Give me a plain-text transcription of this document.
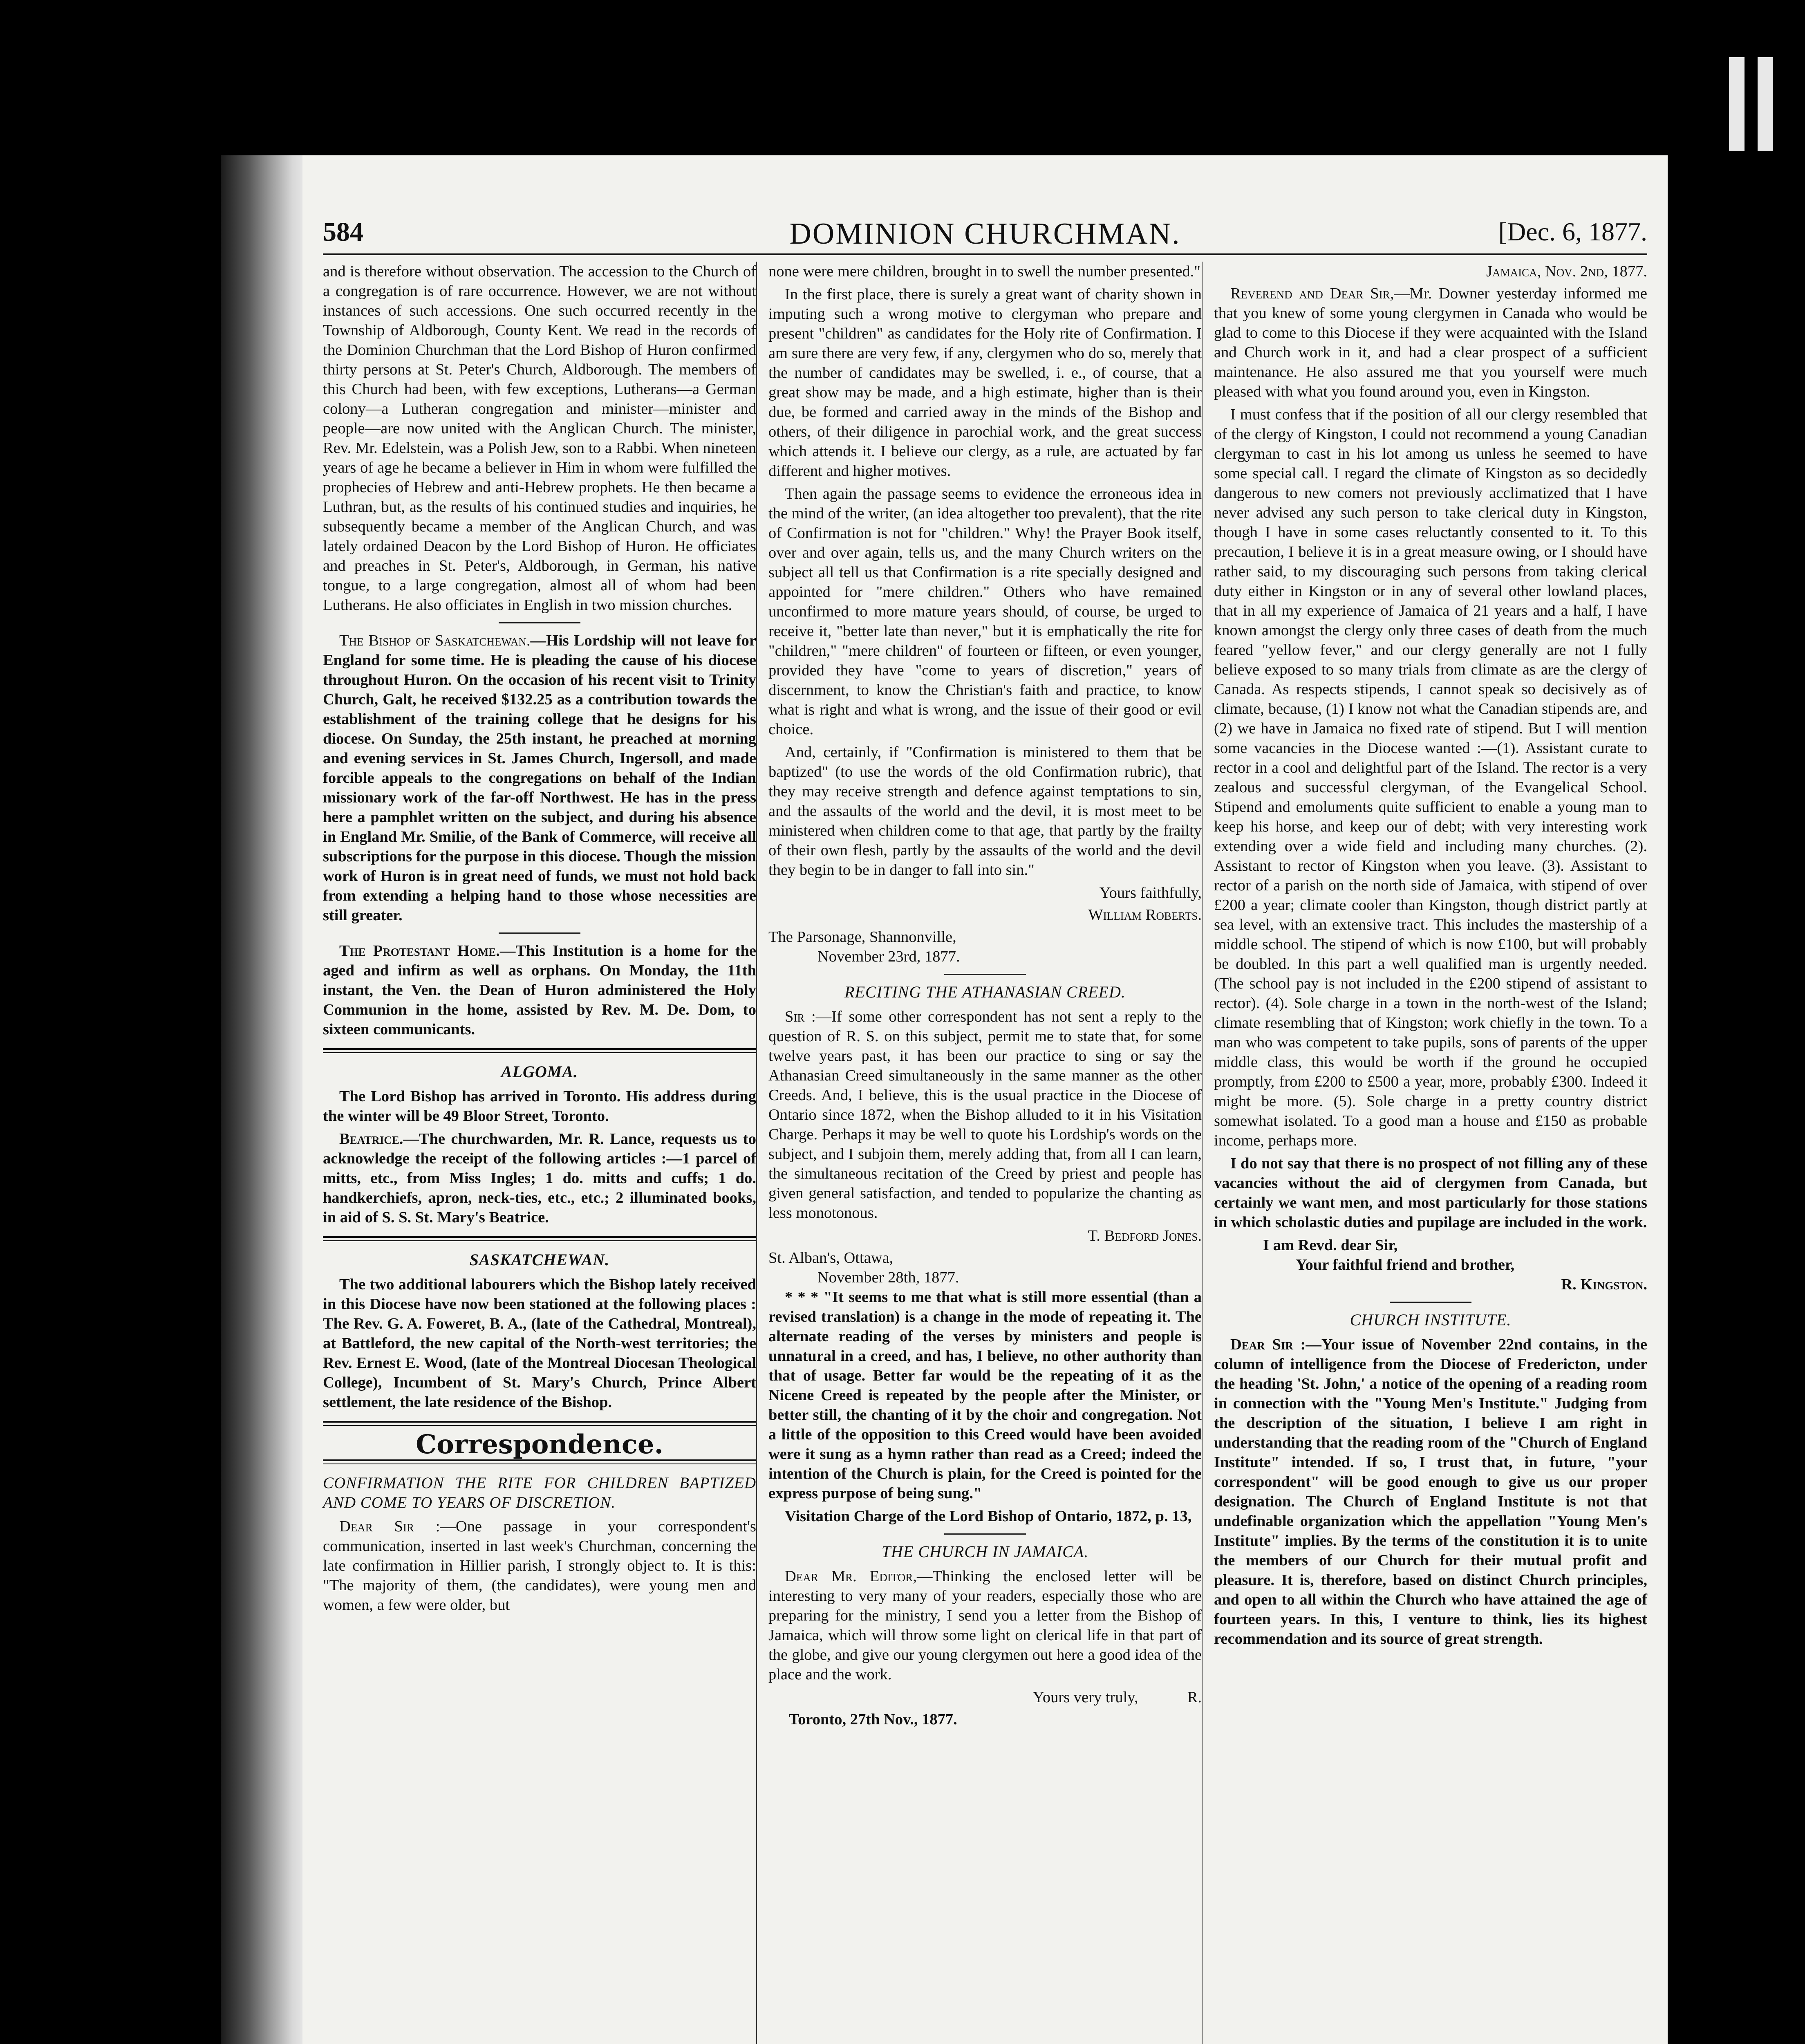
DOMINION CHURCHMAN.
584	[Dec. 6, 1877.

and is therefore without observation. The accession to the Church of a congregation is of rare occurrence. However, we are not without instances of such accessions. One such occurred recently in the Township of Aldborough, County Kent. We read in the records of the Dominion Churchman that the Lord Bishop of Huron confirmed thirty persons at St. Peter's Church, Aldborough. The members of this Church had been, with few exceptions, Lutherans—a German colony—a Lutheran congregation and minister—minister and people—are now united with the Anglican Church. The minister, Rev. Mr. Edelstein, was a Polish Jew, son to a Rabbi. When nineteen years of age he became a believer in Him in whom were fulfilled the prophecies of Hebrew and anti-Hebrew prophets. He then became a Luthran, but, as the results of his continued studies and inquiries, he subsequently became a member of the Anglican Church, and was lately ordained Deacon by the Lord Bishop of Huron. He officiates and preaches in St. Peter's, Aldborough, in German, his native tongue, to a large congregation, almost all of whom had been Lutherans. He also officiates in English in two mission churches.

The Bishop of Saskatchewan.—His Lordship will not leave for England for some time. He is pleading the cause of his diocese throughout Huron. On the occasion of his recent visit to Trinity Church, Galt, he received $132.25 as a contribution towards the establishment of the training college that he designs for his diocese. On Sunday, the 25th instant, he preached at morning and evening services in St. James Church, Ingersoll, and made forcible appeals to the congregations on behalf of the Indian missionary work of the far-off Northwest. He has in the press here a pamphlet written on the subject, and during his absence in England Mr. Smilie, of the Bank of Commerce, will receive all subscriptions for the purpose in this diocese. Though the mission work of Huron is in great need of funds, we must not hold back from extending a helping hand to those whose necessities are still greater.

The Protestant Home.—This Institution is a home for the aged and infirm as well as orphans. On Monday, the 11th instant, the Ven. the Dean of Huron administered the Holy Communion in the home, assisted by Rev. M. De. Dom, to sixteen communicants.

ALGOMA.

The Lord Bishop has arrived in Toronto. His address during the winter will be 49 Bloor Street, Toronto.

Beatrice.—The churchwarden, Mr. R. Lance, requests us to acknowledge the receipt of the following articles :—1 parcel of mitts, etc., from Miss Ingles; 1 do. mitts and cuffs; 1 do. handkerchiefs, apron, neck-ties, etc., etc.; 2 illuminated books, in aid of S. S. St. Mary's Beatrice.

SASKATCHEWAN.

The two additional labourers which the Bishop lately received in this Diocese have now been stationed at the following places : The Rev. G. A. Foweret, B. A., (late of the Cathedral, Montreal), at Battleford, the new capital of the North-west territories; the Rev. Ernest E. Wood, (late of the Montreal Diocesan Theological College), Incumbent of St. Mary's Church, Prince Albert settlement, the late residence of the Bishop.

Correspondence.

CONFIRMATION THE RITE FOR CHILDREN BAPTIZED AND COME TO YEARS OF DISCRETION.

Dear Sir :—One passage in your correspondent's communication, inserted in last week's Churchman, concerning the late confirmation in Hillier parish, I strongly object to. It is this: "The majority of them, (the candidates), were young men and women, a few were older, but

none were mere children, brought in to swell the number presented."

In the first place, there is surely a great want of charity shown in imputing such a wrong motive to clergyman who prepare and present "children" as candidates for the Holy rite of Confirmation. I am sure there are very few, if any, clergymen who do so, merely that the number of candidates may be swelled, i. e., of course, that a great show may be made, and a high estimate, higher than is their due, be formed and carried away in the minds of the Bishop and others, of their diligence in parochial work, and the great success which attends it. I believe our clergy, as a rule, are actuated by far different and higher motives.

Then again the passage seems to evidence the erroneous idea in the mind of the writer, (an idea altogether too prevalent), that the rite of Confirmation is not for "children." Why! the Prayer Book itself, over and over again, tells us, and the many Church writers on the subject all tell us that Confirmation is a rite specially designed and appointed for "mere children." Others who have remained unconfirmed to more mature years should, of course, be urged to receive it, "better late than never," but it is emphatically the rite for "children," "mere children" of fourteen or fifteen, or even younger, provided they have "come to years of discretion," years of discernment, to know the Christian's faith and practice, to know what is right and what is wrong, and the issue of their good or evil choice.

And, certainly, if "Confirmation is ministered to them that be baptized" (to use the words of the old Confirmation rubric), that they may receive strength and defence against temptations to sin, and the assaults of the world and the devil, it is most meet to be ministered when children come to that age, that partly by the frailty of their own flesh, partly by the assaults of the world and the devil they begin to be in danger to fall into sin."

Yours faithfully,

William Roberts.

The Parsonage, Shannonville,

November 23rd, 1877.

RECITING THE ATHANASIAN CREED.

Sir :—If some other correspondent has not sent a reply to the question of R. S. on this subject, permit me to state that, for some twelve years past, it has been our practice to sing or say the Athanasian Creed simultaneously in the same manner as the other Creeds. And, I believe, this is the usual practice in the Diocese of Ontario since 1872, when the Bishop alluded to it in his Visitation Charge. Perhaps it may be well to quote his Lordship's words on the subject, and I subjoin them, merely adding that, from all I can learn, the simultaneous recitation of the Creed by priest and people has given general satisfaction, and tended to popularize the chanting as less monotonous.

T. Bedford Jones.

St. Alban's, Ottawa,

November 28th, 1877.

* * * "It seems to me that what is still more essential (than a revised translation) is a change in the mode of repeating it. The alternate reading of the verses by ministers and people is unnatural in a creed, and has, I believe, no other authority than that of usage. Better far would be the repeating of it as the Nicene Creed is repeated by the people after the Minister, or better still, the chanting of it by the choir and congregation. Not a little of the opposition to this Creed would have been avoided were it sung as a hymn rather than read as a Creed; indeed the intention of the Church is plain, for the Creed is pointed for the express purpose of being sung."

Visitation Charge of the Lord Bishop of Ontario, 1872, p. 13,

THE CHURCH IN JAMAICA.

Dear Mr. Editor,—Thinking the enclosed letter will be interesting to very many of your readers, especially those who are preparing for the ministry, I send you a letter from the Bishop of Jamaica, which will throw some light on clerical life in that part of the globe, and give our young clergymen out here a good idea of the place and the work.

Yours very truly,	R.

Toronto, 27th Nov., 1877.

Jamaica, Nov. 2nd, 1877.

Reverend and Dear Sir,—Mr. Downer yesterday informed me that you knew of some young clergymen in Canada who would be glad to come to this Diocese if they were acquainted with the Island and Church work in it, and had a clear prospect of a sufficient maintenance. He also assured me that you yourself were much pleased with what you found around you, even in Kingston.

I must confess that if the position of all our clergy resembled that of the clergy of Kingston, I could not recommend a young Canadian clergyman to cast in his lot among us unless he seemed to have some special call. I regard the climate of Kingston as so decidedly dangerous to new comers not previously acclimatized that I have never advised any such person to take clerical duty in Kingston, though I have in some cases reluctantly consented to it. To this precaution, I believe it is in a great measure owing, or I should have rather said, to my discouraging such persons from taking clerical duty either in Kingston or in any of several other lowland places, that in all my experience of Jamaica of 21 years and a half, I have known amongst the clergy only three cases of death from the much feared "yellow fever," and our clergy generally are not I fully believe exposed to so many trials from climate as are the clergy of Canada. As respects stipends, I cannot speak so decisively as of climate, because, (1) I know not what the Canadian stipends are, and (2) we have in Jamaica no fixed rate of stipend. But I will mention some vacancies in the Diocese wanted :—(1). Assistant curate to rector in a cool and delightful part of the Island. The rector is a very zealous and successful clergyman, of the Evangelical School. Stipend and emoluments quite sufficient to enable a young man to keep his horse, and keep our of debt; with very interesting work extending over a wide field and including many churches. (2). Assistant to rector of Kingston when you leave. (3). Assistant to rector of a parish on the north side of Jamaica, with stipend of over £200 a year; climate cooler than Kingston, though district partly at sea level, with an extensive tract. This includes the mastership of a middle school. The stipend of which is now £100, but will probably be doubled. In this part a well qualified man is urgently needed. (The school pay is not included in the £200 stipend of assistant to rector). (4). Sole charge in a town in the north-west of the Island; climate resembling that of Kingston; work chiefly in the town. To a man who was competent to take pupils, sons of parents of the upper middle class, this would be worth if the ground he occupied promptly, from £200 to £500 a year, more, probably £300. Indeed it might be more. (5). Sole charge in a pretty country district somewhat isolated. To a good man a house and £150 as probable income, perhaps more.

I do not say that there is no prospect of not filling any of these vacancies without the aid of clergymen from Canada, but certainly we want men, and most particularly for those stations in which scholastic duties and pupilage are included in the work.

I am Revd. dear Sir,

Your faithful friend and brother,

R. Kingston.

CHURCH INSTITUTE.

Dear Sir :—Your issue of November 22nd contains, in the column of intelligence from the Diocese of Fredericton, under the heading 'St. John,' a notice of the opening of a reading room in connection with the "Young Men's Institute." Judging from the description of the situation, I believe I am right in understanding that the reading room of the "Church of England Institute" intended. If so, I trust that, in future, "your correspondent" will be good enough to give us our proper designation. The Church of England Institute is not that undefinable organization which the appellation "Young Men's Institute" implies. By the terms of the constitution it is to unite the members of our Church for their mutual profit and pleasure. It is, therefore, based on distinct Church principles, and open to all within the Church who have attained the age of fourteen years. In this, I venture to think, lies its highest recommendation and its source of great strength.
